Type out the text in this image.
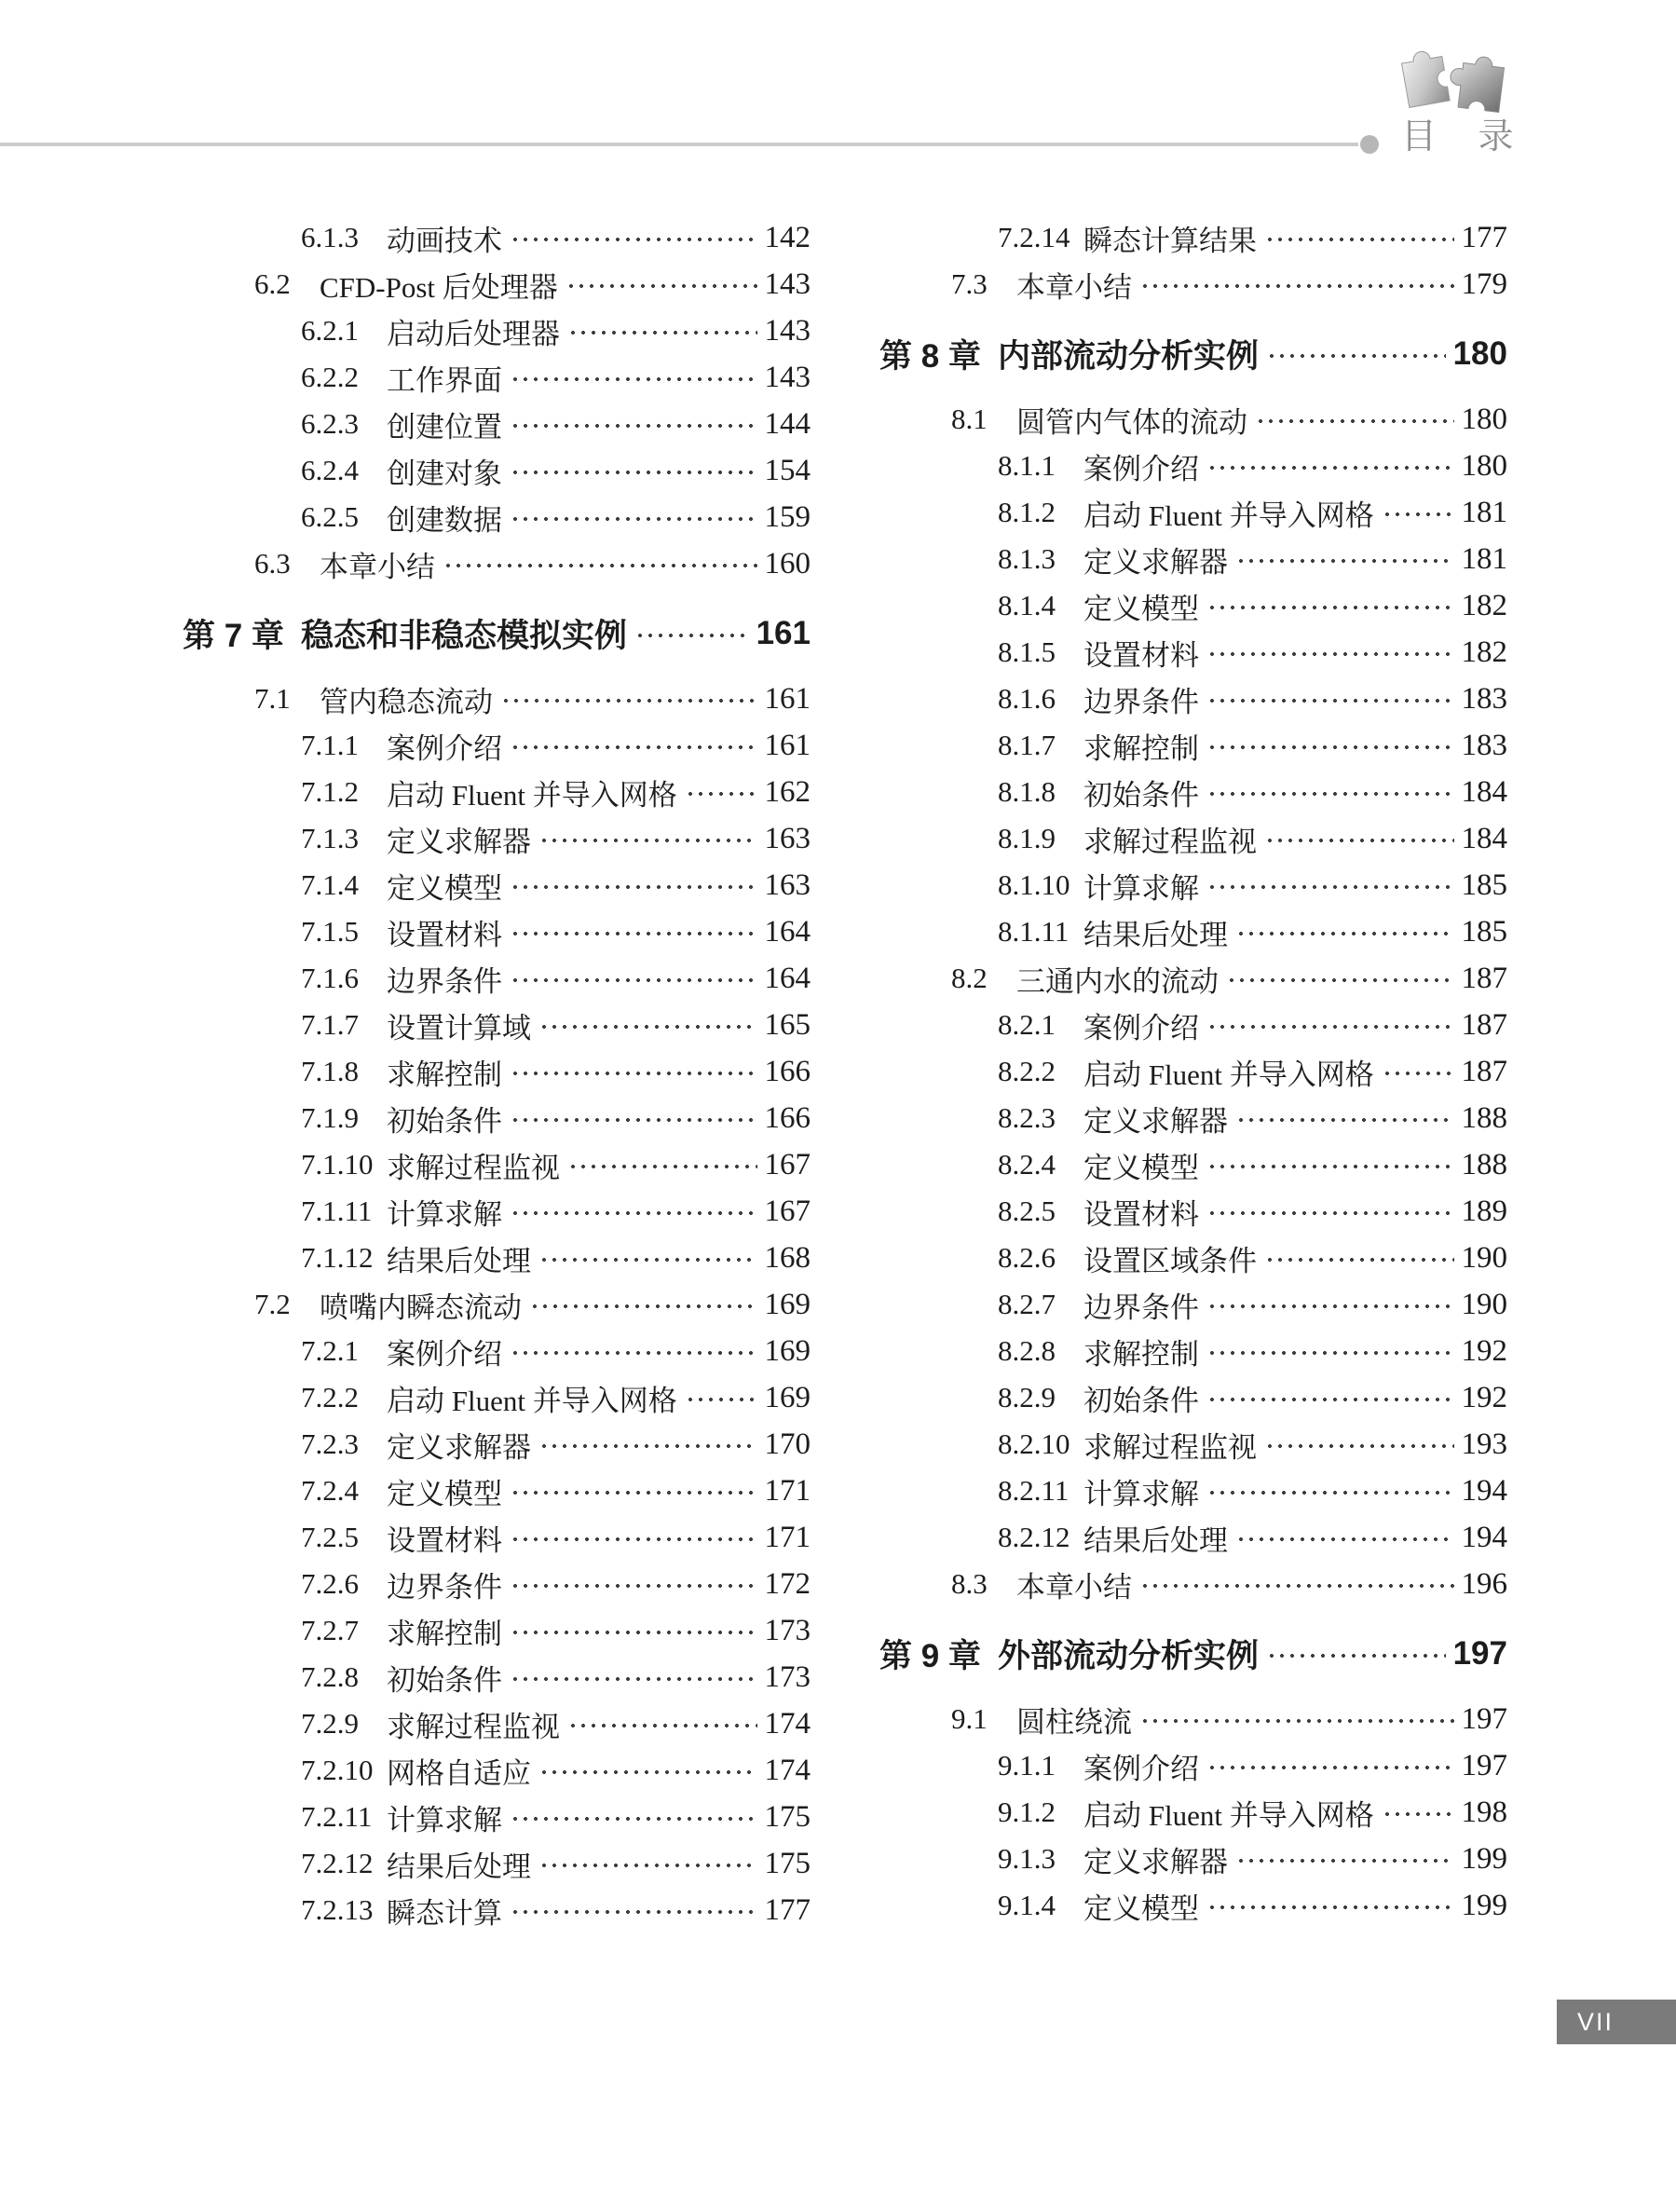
目 录
6.1.3 动画技术	142
6.2	CFD-Post 后处理器	143
6.2.1 启动后处理器	143
6.2.2 工作界面	143
6.2.3 创建位置	144
6.2.4 创建对象	154
6.2.5 创建数据	159
6.3	本章小结	160
第 7 章 稳态和非稳态模拟实例	161
7.1	管内稳态流动	161
7.1.1 案例介绍	161
7.1.2 启动 Fluent 并导入网格	162
7.1.3 定义求解器	163
7.1.4 定义模型	163
7.1.5 设置材料	164
7.1.6 边界条件	164
7.1.7 设置计算域	165
7.1.8 求解控制	166
7.1.9 初始条件	166
7.1.10 求解过程监视	167
7.1.11 计算求解	167
7.1.12 结果后处理	168
7.2	喷嘴内瞬态流动	169
7.2.1 案例介绍	169
7.2.2 启动 Fluent 并导入网格	169
7.2.3 定义求解器	170
7.2.4 定义模型	171
7.2.5 设置材料	171
7.2.6 边界条件	172
7.2.7 求解控制	173
7.2.8 初始条件	173
7.2.9 求解过程监视	174
7.2.10 网格自适应	174
7.2.11 计算求解	175
7.2.12 结果后处理	175
7.2.13 瞬态计算	177
7.2.14 瞬态计算结果	177
7.3	本章小结	179
第 8 章 内部流动分析实例	180
8.1	圆管内气体的流动	180
8.1.1 案例介绍	180
8.1.2 启动 Fluent 并导入网格	181
8.1.3 定义求解器	181
8.1.4 定义模型	182
8.1.5 设置材料	182
8.1.6 边界条件	183
8.1.7 求解控制	183
8.1.8 初始条件	184
8.1.9 求解过程监视	184
8.1.10 计算求解	185
8.1.11 结果后处理	185
8.2	三通内水的流动	187
8.2.1 案例介绍	187
8.2.2 启动 Fluent 并导入网格	187
8.2.3 定义求解器	188
8.2.4 定义模型	188
8.2.5 设置材料	189
8.2.6 设置区域条件	190
8.2.7 边界条件	190
8.2.8 求解控制	192
8.2.9 初始条件	192
8.2.10 求解过程监视	193
8.2.11 计算求解	194
8.2.12 结果后处理	194
8.3	本章小结	196
第 9 章 外部流动分析实例	197
9.1	圆柱绕流	197
9.1.1 案例介绍	197
9.1.2 启动 Fluent 并导入网格	198
9.1.3 定义求解器	199
9.1.4 定义模型	199
VII
